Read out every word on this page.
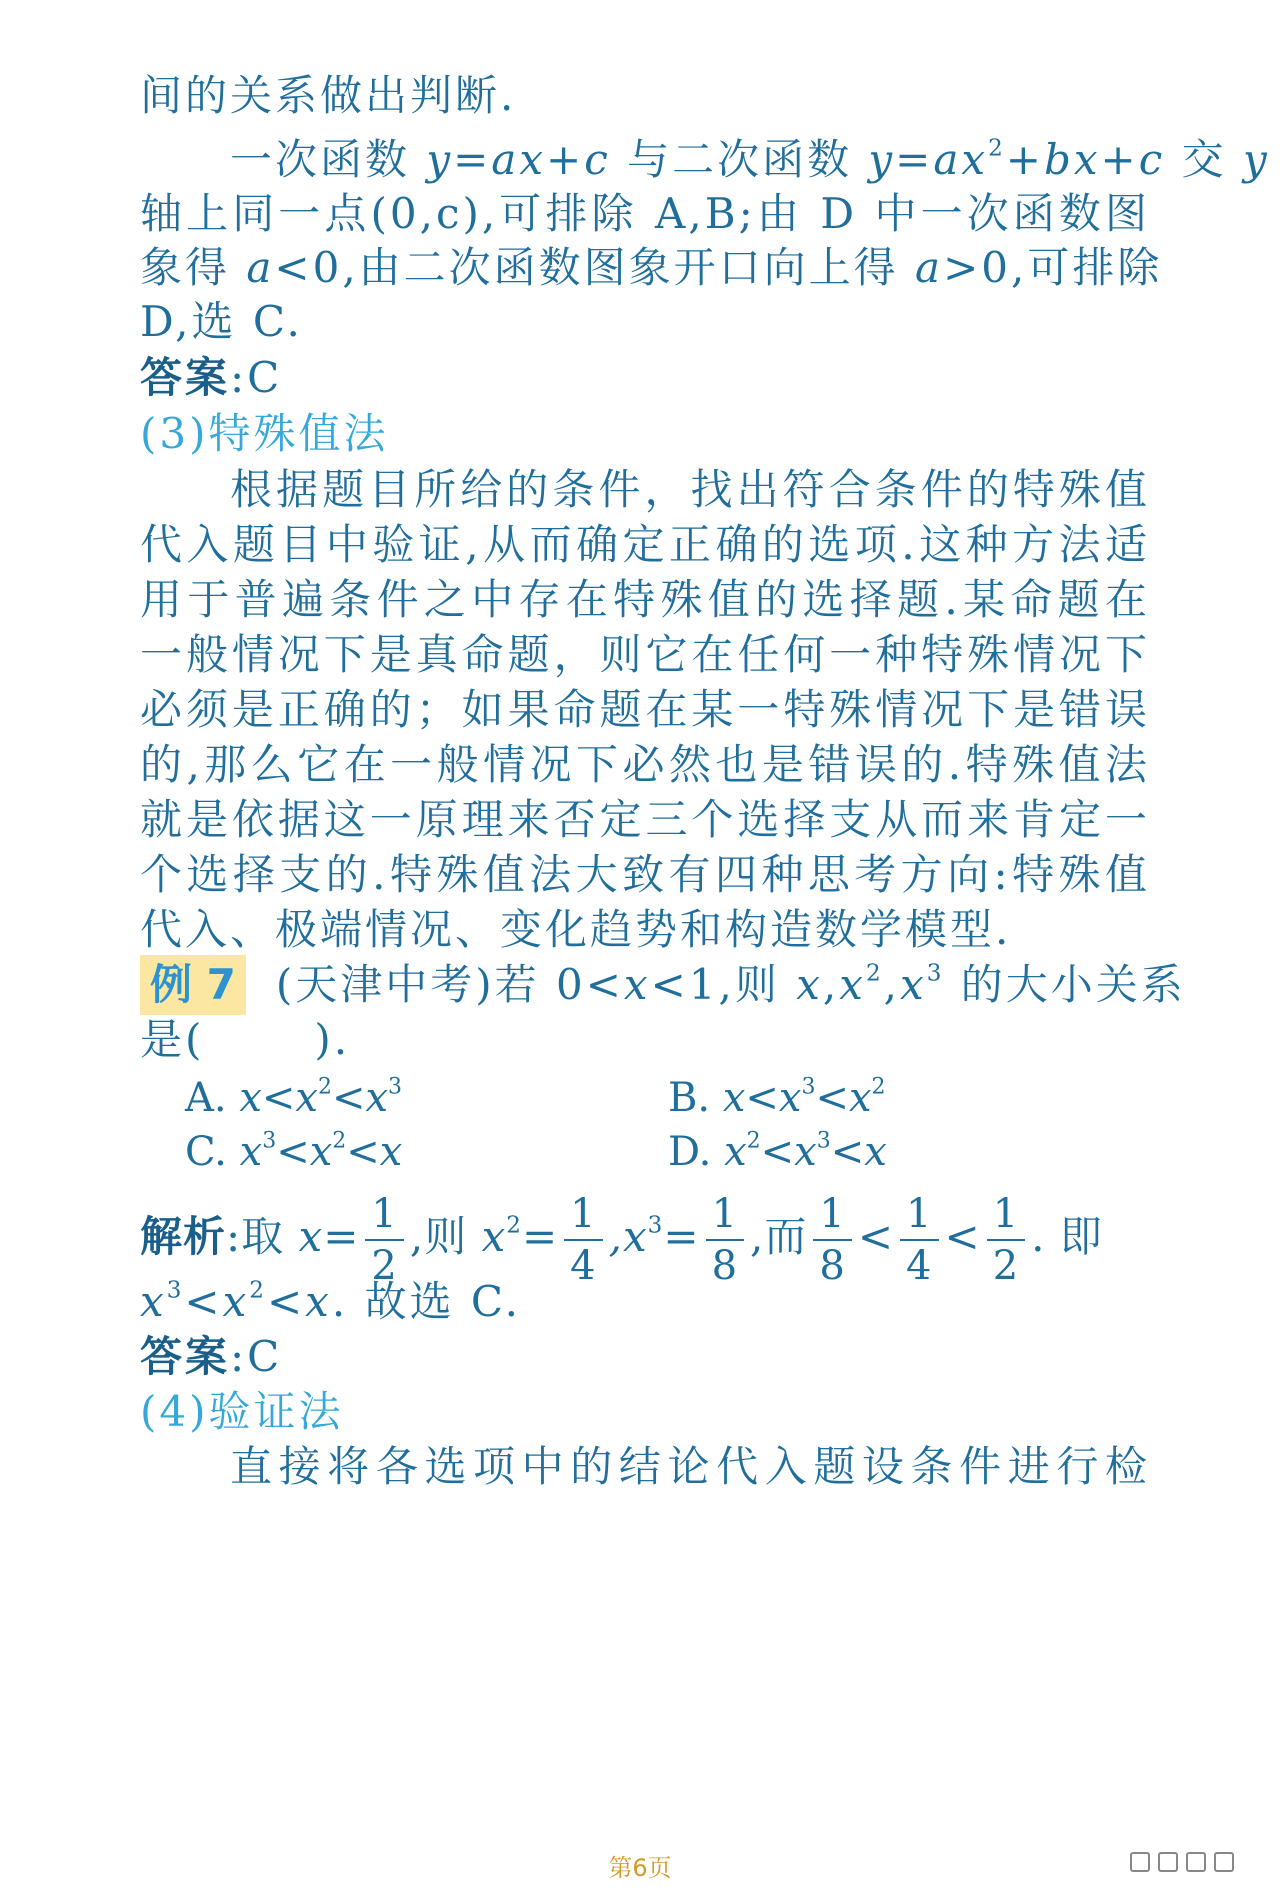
间的关系做出判断.
一次函数 y=ax+c 与二次函数 $y=ax^2+bx+c$ 交 y
轴上同一点(0,c),可排除 A,B;由 D 中一次函数图
象得 a<0,由二次函数图象开口向上得 a>0,可排除
D,选 C.
答案:C
(3)特殊值法
根据题目所给的条件，找出符合条件的特殊值
代入题目中验证,从而确定正确的选项.这种方法适
用于普遍条件之中存在特殊值的选择题.某命题在
一般情况下是真命题，则它在任何一种特殊情况下
必须是正确的；如果命题在某一特殊情况下是错误
的,那么它在一般情况下必然也是错误的.特殊值法
就是依据这一原理来否定三个选择支从而来肯定一
个选择支的.特殊值法大致有四种思考方向:特殊值
代入、极端情况、变化趋势和构造数学模型.
例 7 (天津中考)若 0<x<1,则 $x,x^2,x^3$ 的大小关系
是(	).
A. $x<x^2<x^3$	B. $x<x^3<x^2$
C. $x^3<x^2<x$	D. $x^2<x^3<x$
解析:取 $x= \frac{1}{2}$ ,则 $x^2= \frac{1}{4} ,x^3= \frac{1}{8}$ ,而 $\frac{1}{8} < \frac{1}{4} < \frac{1}{2}$ . 即
$x^3<x^2<x$. 故选 C.
答案:C
(4)验证法
直接将各选项中的结论代入题设条件进行检
第6页
